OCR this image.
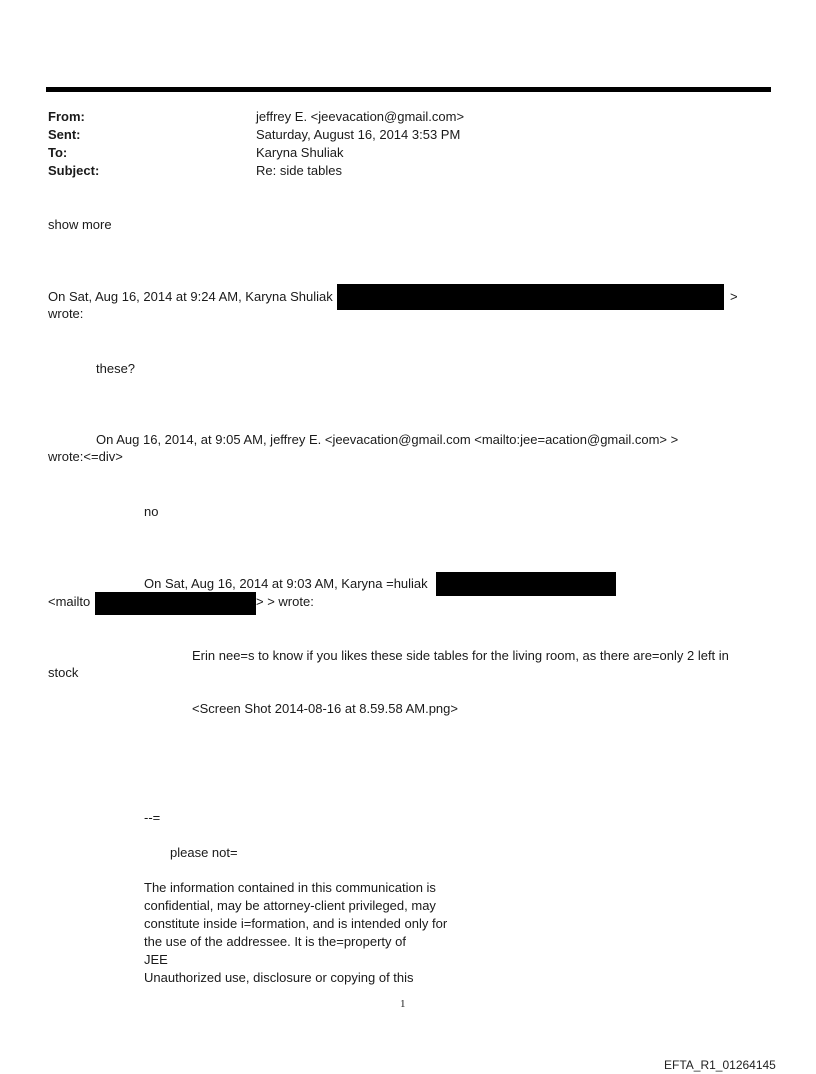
From:	jeffrey E. <jeevacation@gmail.com>
Sent:	Saturday, August 16, 2014 3:53 PM
To:	Karyna Shuliak
Subject:	Re: side tables
show more
On Sat, Aug 16, 2014 at 9:24 AM, Karyna Shuliak	>
wrote:
these?
On Aug 16, 2014, at 9:05 AM, jeffrey E. <jeevacation@gmail.com <mailto:jee=acation@gmail.com> >
wrote:<=div>
no
On Sat, Aug 16, 2014 at 9:03 AM, Karyna =huliak
<mailto	> > wrote:
Erin nee=s to know if you likes these side tables for the living room, as there are=only 2 left in
stock
<Screen Shot 2014-08-16 at 8.59.58 AM.png>
--=
please not=
The information contained in this communication is
confidential, may be attorney-client privileged, may
constitute inside i=formation, and is intended only for
the use of the addressee. It is the=property of
JEE
Unauthorized use, disclosure or copying of this
1
EFTA_R1_01264145
